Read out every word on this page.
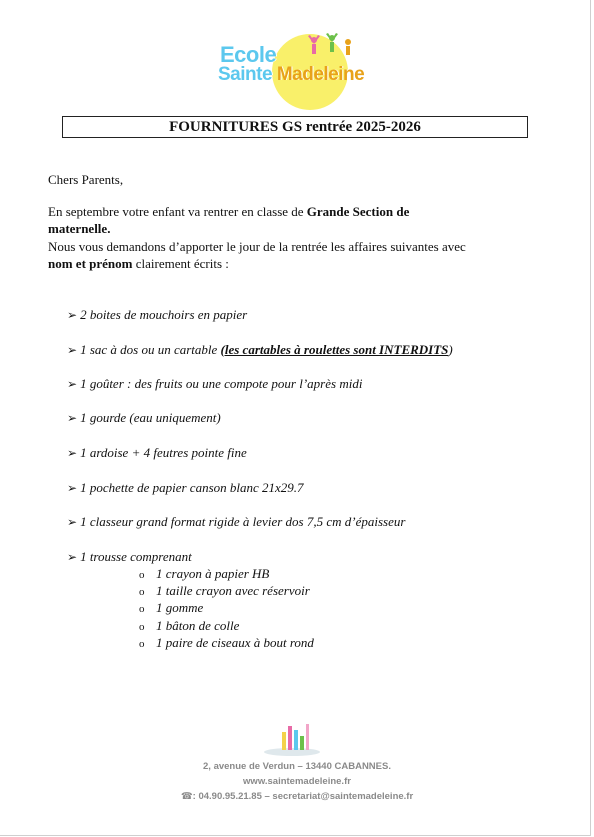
Ecole
Sainte Madeleine
FOURNITURES GS rentrée 2025-2026
Chers Parents,
En septembre votre enfant va rentrer en classe de Grande Section de
maternelle.
Nous vous demandons d’apporter le jour de la rentrée les affaires suivantes avec
nom et prénom clairement écrits :
➢ 2 boites de mouchoirs en papier
➢ 1 sac à dos ou un cartable (les cartables à roulettes sont INTERDITS)
➢ 1 goûter : des fruits ou une compote pour l’après midi
➢ 1 gourde (eau uniquement)
➢ 1 ardoise + 4 feutres pointe fine
➢ 1 pochette de papier canson blanc 21x29.7
➢ 1 classeur grand format rigide à levier dos 7,5 cm d’épaisseur
➢ 1 trousse comprenant
o 1 crayon à papier HB
o 1 taille crayon avec réservoir
o 1 gomme
o 1 bâton de colle
o 1 paire de ciseaux à bout rond
2, avenue de Verdun – 13440 CABANNES.
www.saintemadeleine.fr
☎: 04.90.95.21.85 – secretariat@saintemadeleine.fr
